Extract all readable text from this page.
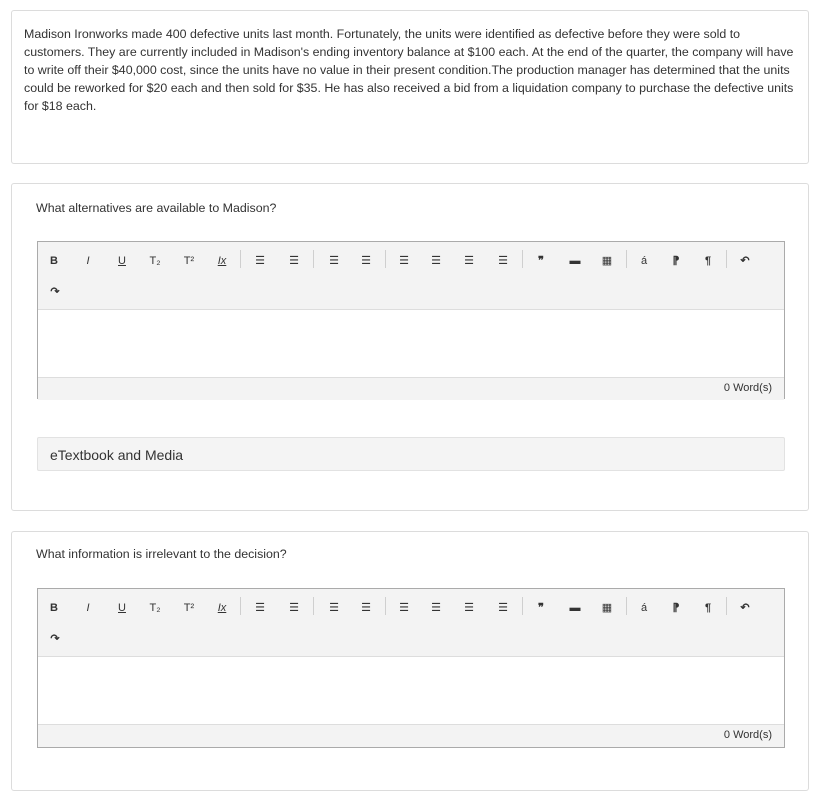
Madison Ironworks made 400 defective units last month. Fortunately, the units were identified as defective before they were sold to customers. They are currently included in Madison's ending inventory balance at $100 each. At the end of the quarter, the company will have to write off their $40,000 cost, since the units have no value in their present condition.The production manager has determined that the units could be reworked for $20 each and then sold for $35. He has also received a bid from a liquidation company to purchase the defective units for $18 each.
What alternatives are available to Madison?
B	I	U T₂ T² Ix	☰ ☰	☰ ☰	☰ ☰ ☰ ☰	❞ ▬ ▦	á ⁋ ¶	↶
↷
0 Word(s)
eTextbook and Media
What information is irrelevant to the decision?
B	I	U T₂ T² Ix	☰ ☰	☰ ☰	☰ ☰ ☰ ☰	❞ ▬ ▦	á ⁋ ¶	↶
↷
0 Word(s)
